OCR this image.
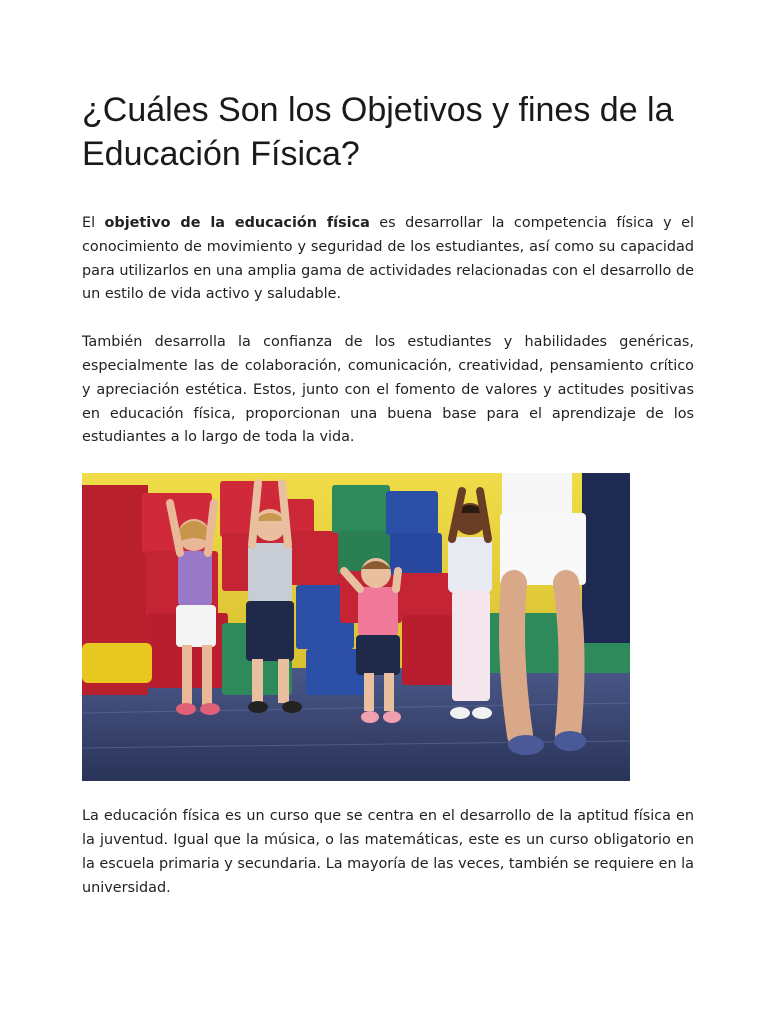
¿Cuáles Son los Objetivos y fines de la Educación Física?

El objetivo de la educación física es desarrollar la competencia física y el conocimiento de movimiento y seguridad de los estudiantes, así como su capacidad para utilizarlos en una amplia gama de actividades relacionadas con el desarrollo de un estilo de vida activo y saludable.

También desarrolla la confianza de los estudiantes y habilidades genéricas, especialmente las de colaboración, comunicación, creatividad, pensamiento crítico y apreciación estética. Estos, junto con el fomento de valores y actitudes positivas en educación física, proporcionan una buena base para el aprendizaje de los estudiantes a lo largo de toda la vida.

La educación física es un curso que se centra en el desarrollo de la aptitud física en la juventud. Igual que la música, o las matemáticas, este es un curso obligatorio en la escuela primaria y secundaria. La mayoría de las veces, también se requiere en la universidad.
